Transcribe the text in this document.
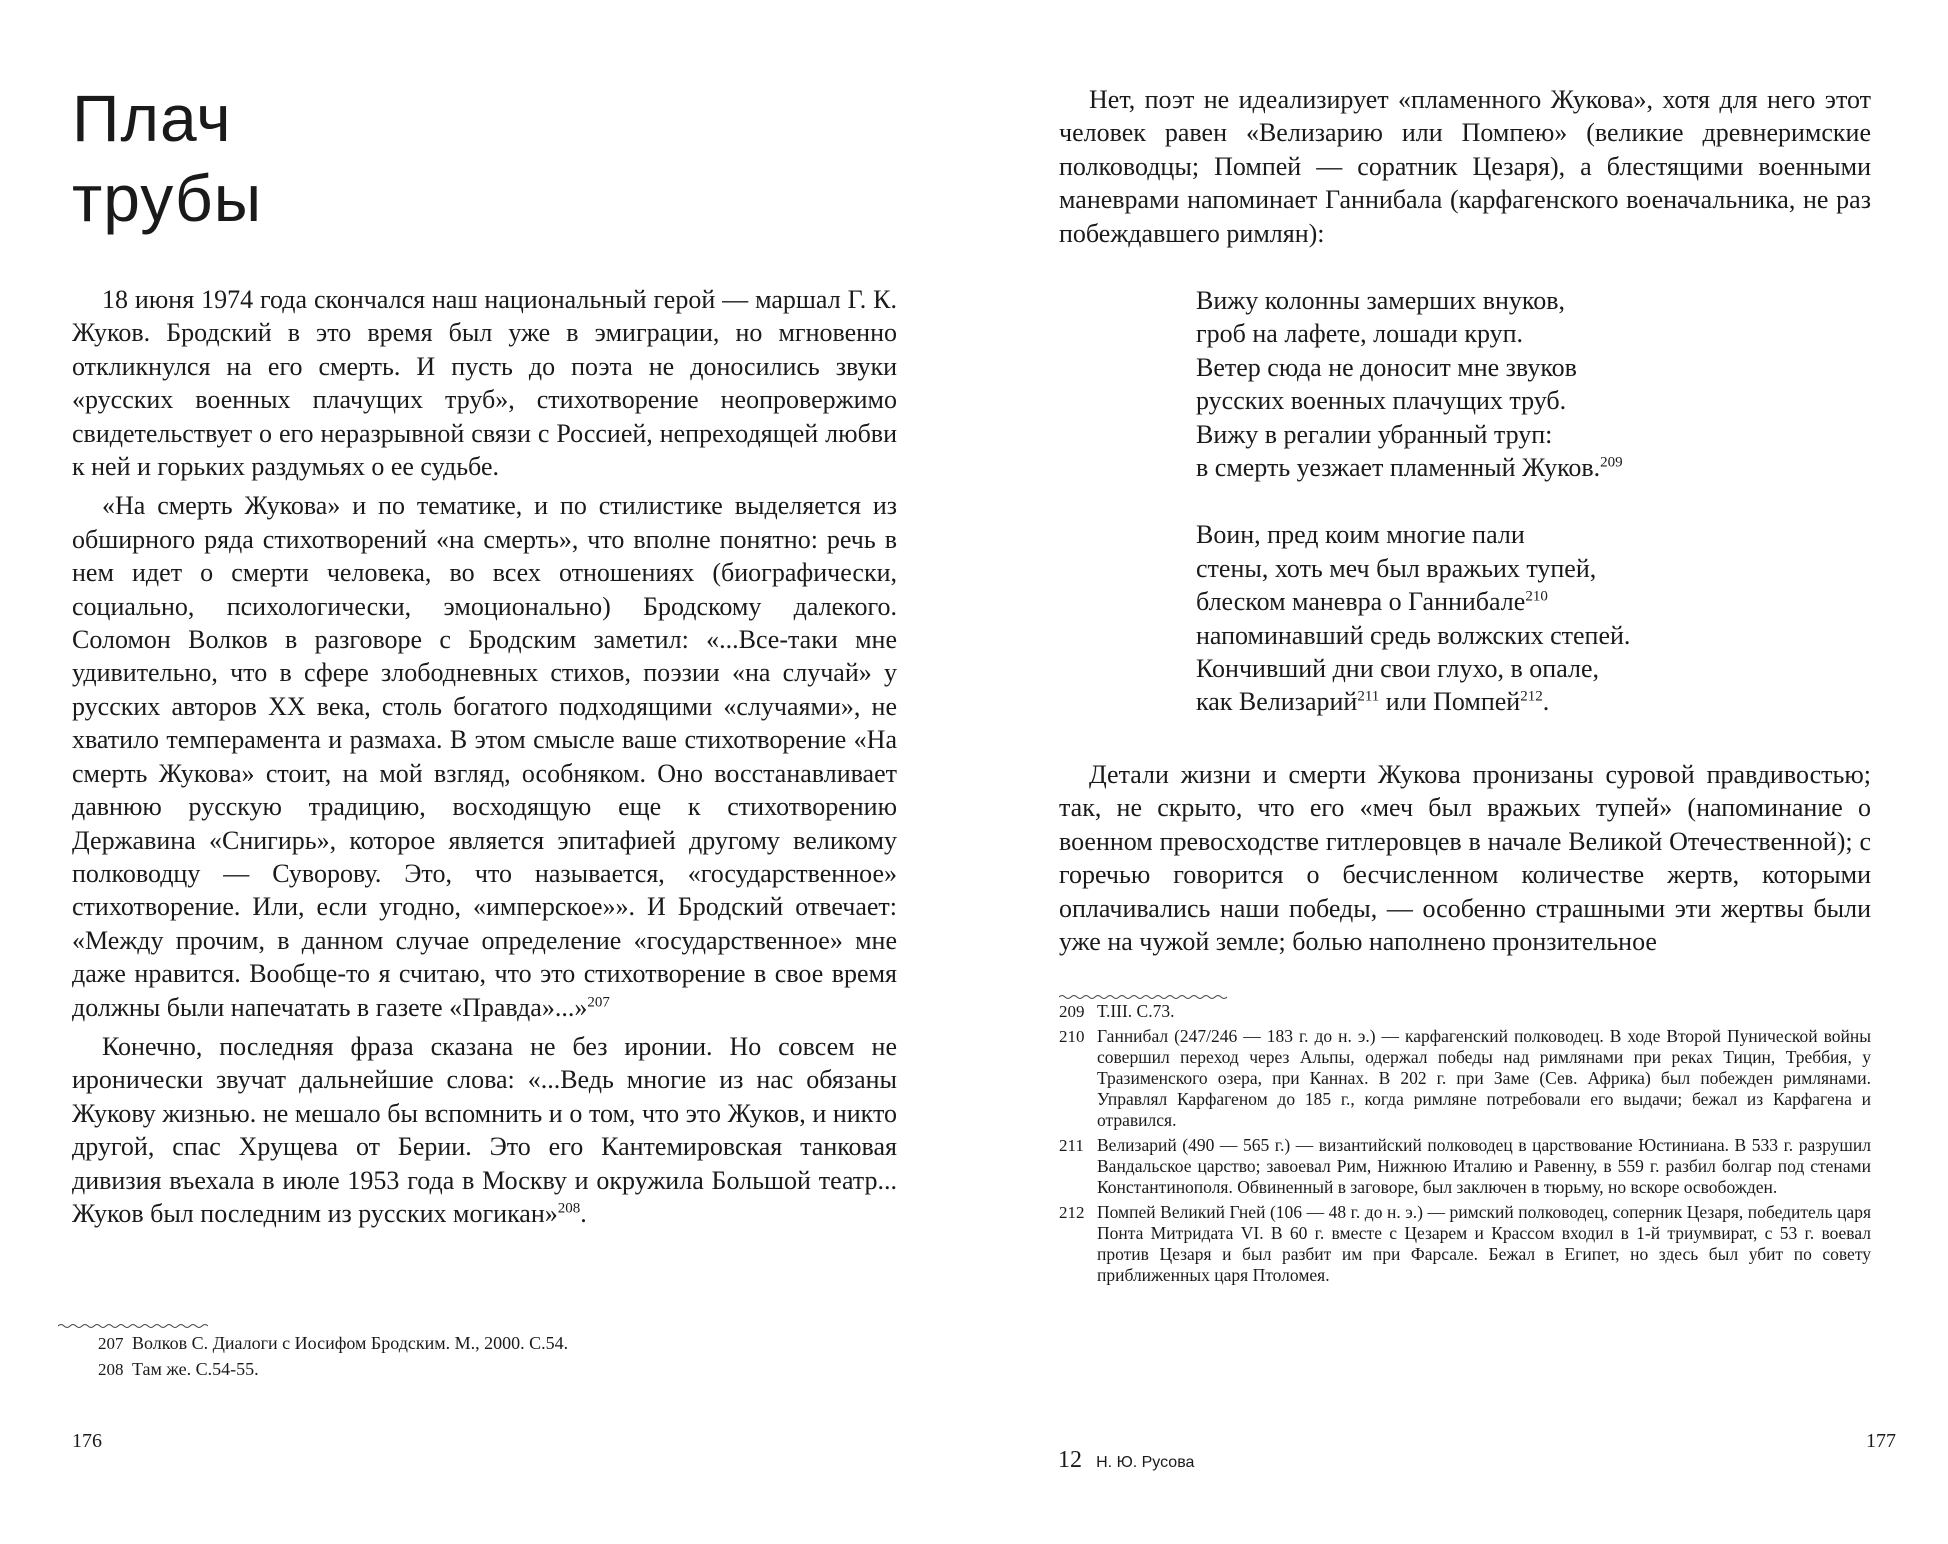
Плач
трубы

18 июня 1974 года скончался наш национальный герой — маршал Г. К. Жуков. Бродский в это время был уже в эмиграции, но мгновенно откликнулся на его смерть. И пусть до поэта не доносились звуки «русских военных плачущих труб», стихотворение неопровержимо свидетельствует о его неразрывной связи с Россией, непреходящей любви к ней и горьких раздумьях о ее судьбе.

«На смерть Жукова» и по тематике, и по стилистике выделяется из обширного ряда стихотворений «на смерть», что вполне понятно: речь в нем идет о смерти человека, во всех отношениях (биографически, социально, психологически, эмоционально) Бродскому далекого. Соломон Волков в разговоре с Бродским заметил: «...Все-таки мне удивительно, что в сфере злободневных стихов, поэзии «на случай» у русских авторов XX века, столь богатого подходящими «случаями», не хватило темперамента и размаха. В этом смысле ваше стихотворение «На смерть Жукова» стоит, на мой взгляд, особняком. Оно восстанавливает давнюю русскую традицию, восходящую еще к стихотворению Державина «Снигирь», которое является эпитафией другому великому полководцу — Суворову. Это, что называется, «государственное» стихотворение. Или, если угодно, «имперское»». И Бродский отвечает: «Между прочим, в данном случае определение «государственное» мне даже нравится. Вообще-то я считаю, что это стихотворение в свое время должны были напечатать в газете «Правда»...»$^{207}$

Конечно, последняя фраза сказана не без иронии. Но совсем не иронически звучат дальнейшие слова: «...Ведь многие из нас обязаны Жукову жизнью. не мешало бы вспомнить и о том, что это Жуков, и никто другой, спас Хрущева от Берии. Это его Кантемировская танковая дивизия въехала в июле 1953 года в Москву и окружила Большой театр... Жуков был последним из русских могикан»$^{208}$.

207 Волков С. Диалоги с Иосифом Бродским. М., 2000. С.54.
208 Там же. С.54-55.
176

Нет, поэт не идеализирует «пламенного Жукова», хотя для него этот человек равен «Велизарию или Помпею» (великие древнеримские полководцы; Помпей — соратник Цезаря), а блестящими военными маневрами напоминает Ганнибала (карфагенского военачальника, не раз побеждавшего римлян):

Вижу колонны замерших внуков,
гроб на лафете, лошади круп.
Ветер сюда не доносит мне звуков
русских военных плачущих труб.
Вижу в регалии убранный труп:
в смерть уезжает пламенный Жуков.$^{209}$
Воин, пред коим многие пали
стены, хоть меч был вражьих тупей,
блеском маневра о Ганнибале$^{210}$
напоминавший средь волжских степей.
Кончивший дни свои глухо, в опале,
как Велизарий$^{211}$ или Помпей$^{212}$.

Детали жизни и смерти Жукова пронизаны суровой правдивостью; так, не скрыто, что его «меч был вражьих тупей» (напоминание о военном превосходстве гитлеровцев в начале Великой Отечественной); с горечью говорится о бесчисленном количестве жертв, которыми оплачивались наши победы, — особенно страшными эти жертвы были уже на чужой земле; болью наполнено пронзительное

209 Т.III. С.73.
210 Ганнибал (247/246 — 183 г. до н. э.) — карфагенский полководец. В ходе Второй Пунической войны совершил переход через Альпы, одержал победы над римлянами при реках Тицин, Треббия, у Тразименского озера, при Каннах. В 202 г. при Заме (Сев. Африка) был побежден римлянами. Управлял Карфагеном до 185 г., когда римляне потребовали его выдачи; бежал из Карфагена и отравился.
211 Велизарий (490 — 565 г.) — византийский полководец в царствование Юстиниана. В 533 г. разрушил Вандальское царство; завоевал Рим, Нижнюю Италию и Равенну, в 559 г. разбил болгар под стенами Константинополя. Обвиненный в заговоре, был заключен в тюрьму, но вскоре освобожден.
212 Помпей Великий Гней (106 — 48 г. до н. э.) — римский полководец, соперник Цезаря, победитель царя Понта Митридата VI. В 60 г. вместе с Цезарем и Крассом входил в 1-й триумвират, с 53 г. воевал против Цезаря и был разбит им при Фарсале. Бежал в Египет, но здесь был убит по совету приближенных царя Птоломея.
12 Н. Ю. Русова
177
